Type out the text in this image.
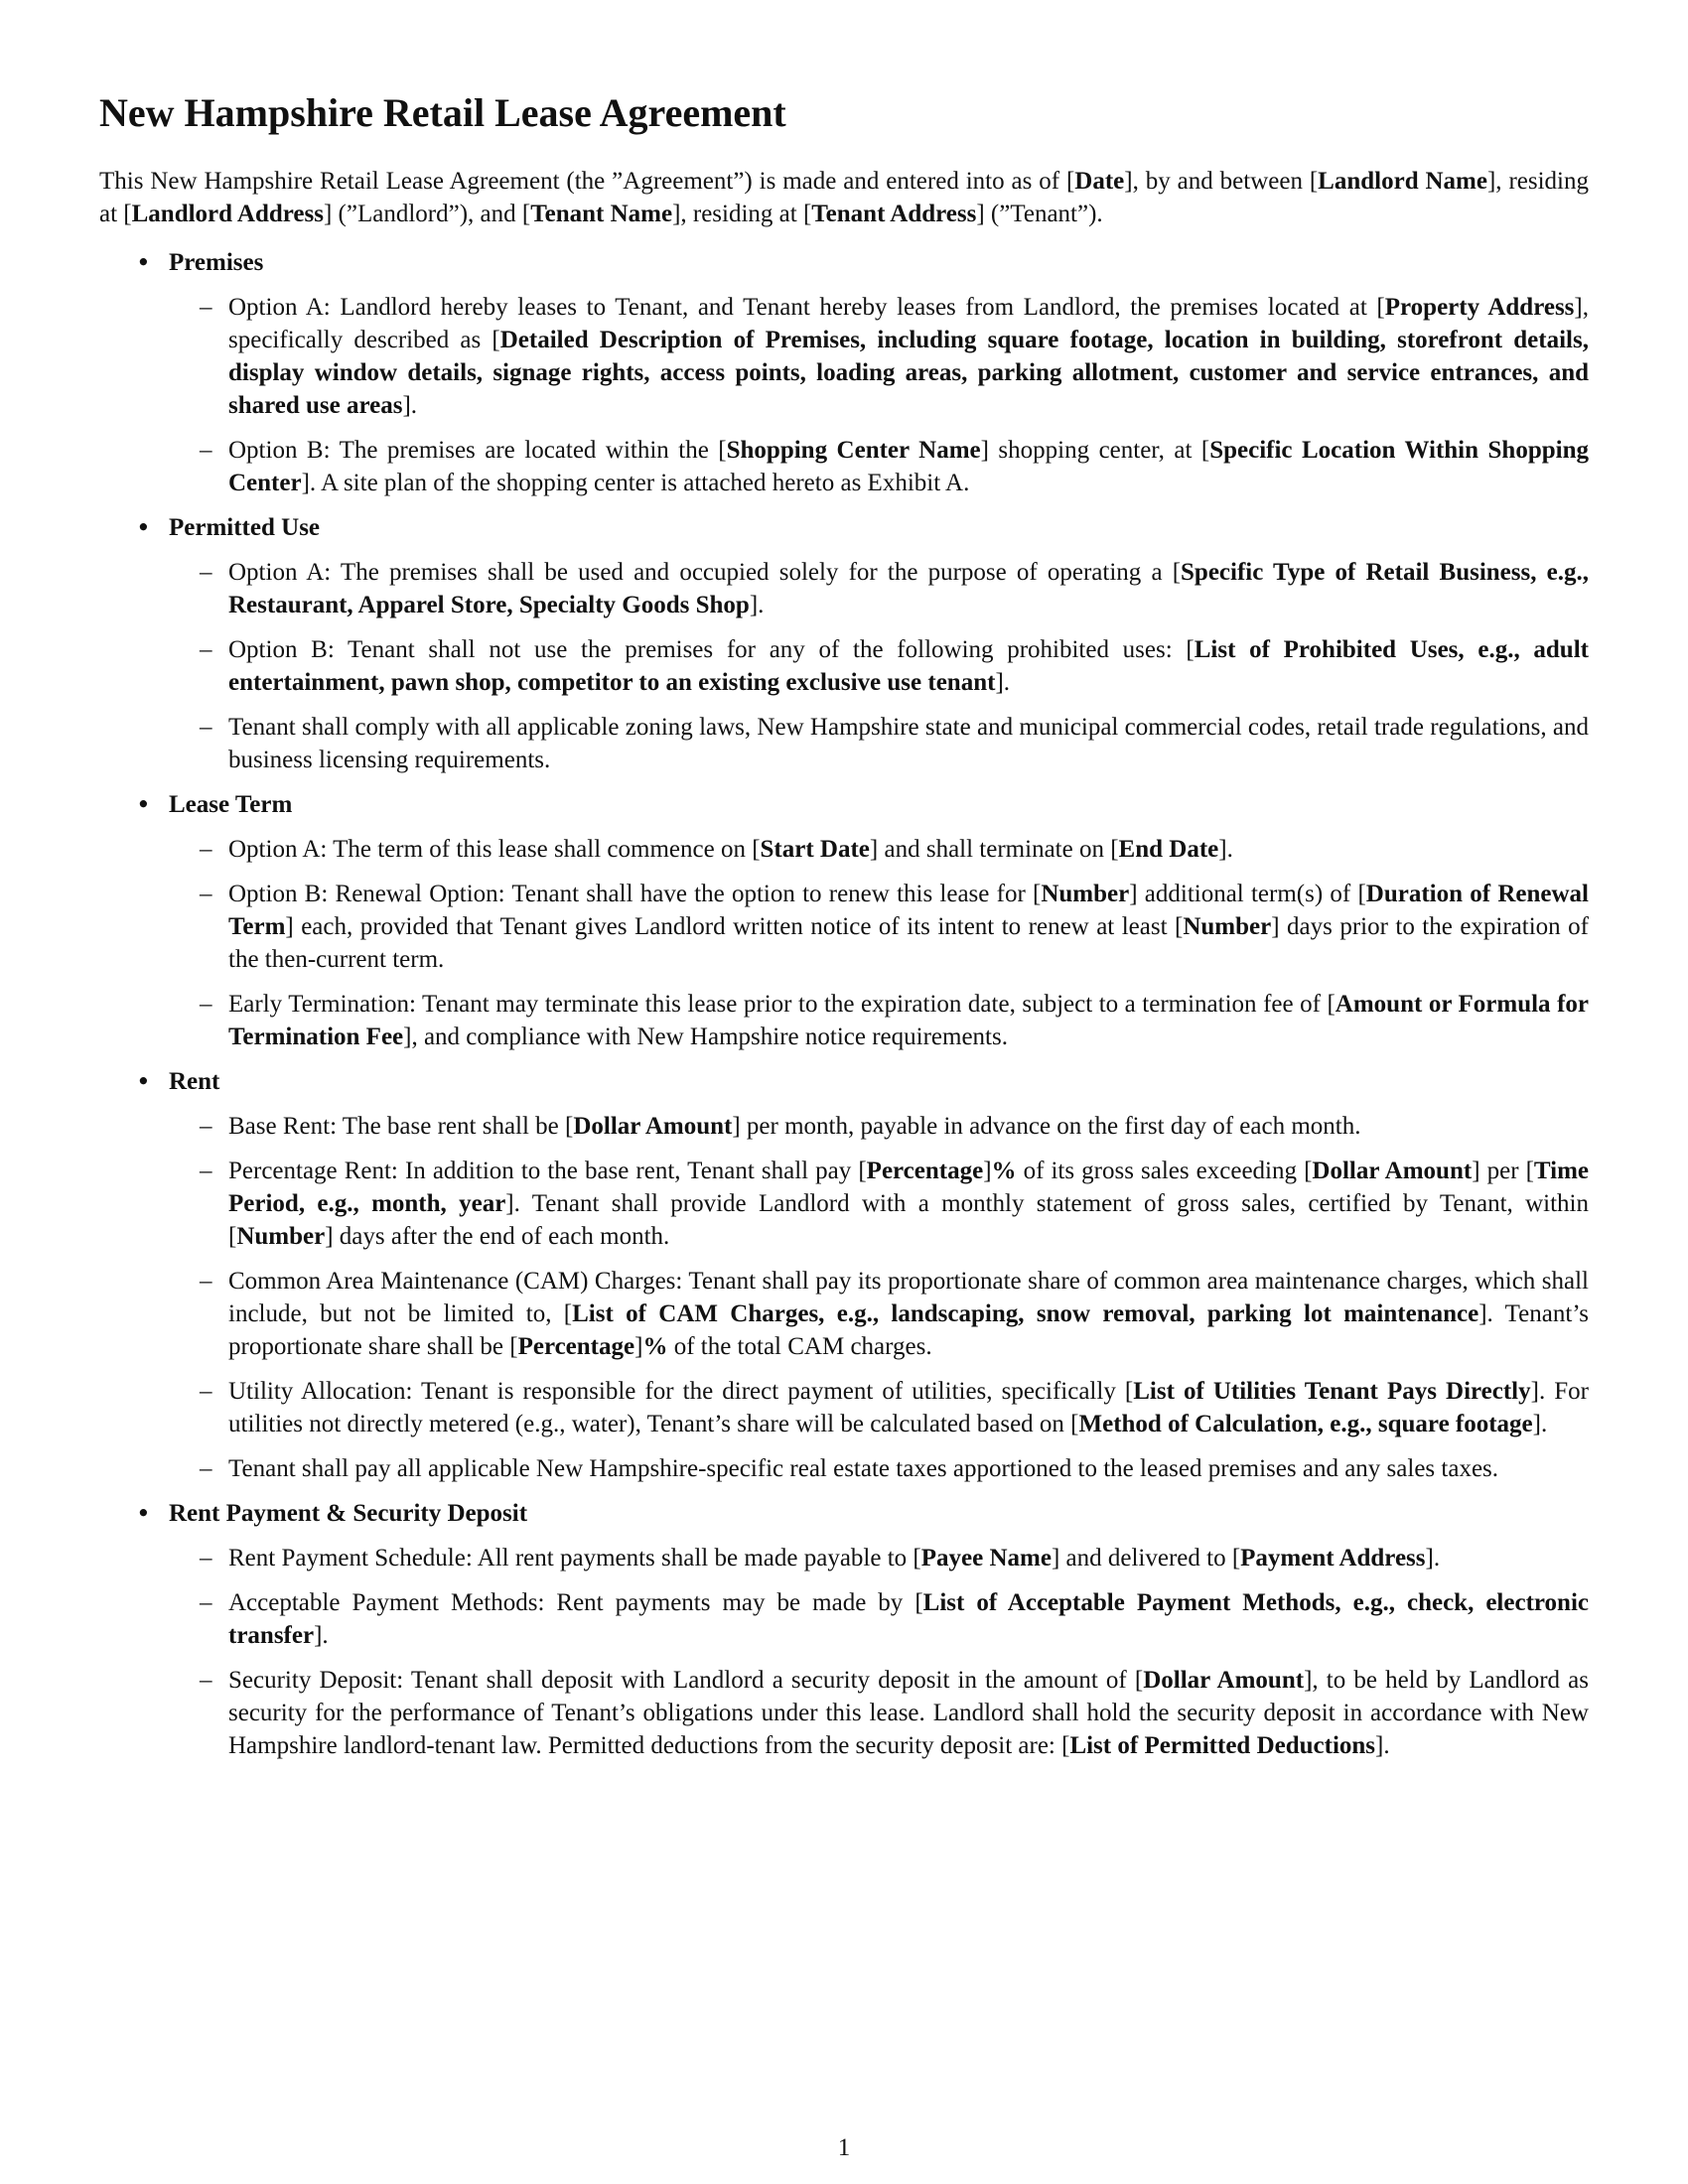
New Hampshire Retail Lease Agreement

This New Hampshire Retail Lease Agreement (the ”Agreement”) is made and entered into as of [Date], by and between [Landlord Name], residing at [Landlord Address] (”Landlord”), and [Tenant Name], residing at [Tenant Address] (”Tenant”).

• Premises
– Option A: Landlord hereby leases to Tenant, and Tenant hereby leases from Landlord, the premises located at [Property Address], specifically described as [Detailed Description of Premises, including square footage, location in building, storefront details, display window details, signage rights, access points, loading areas, parking allotment, customer and service entrances, and shared use areas].
– Option B: The premises are located within the [Shopping Center Name] shopping center, at [Specific Location Within Shopping Center]. A site plan of the shopping center is attached hereto as Exhibit A.
• Permitted Use
– Option A: The premises shall be used and occupied solely for the purpose of operating a [Specific Type of Retail Business, e.g., Restaurant, Apparel Store, Specialty Goods Shop].
– Option B: Tenant shall not use the premises for any of the following prohibited uses: [List of Prohibited Uses, e.g., adult entertainment, pawn shop, competitor to an existing exclusive use tenant].
– Tenant shall comply with all applicable zoning laws, New Hampshire state and municipal commercial codes, retail trade regulations, and business licensing requirements.
• Lease Term
– Option A: The term of this lease shall commence on [Start Date] and shall terminate on [End Date].
– Option B: Renewal Option: Tenant shall have the option to renew this lease for [Number] additional term(s) of [Duration of Renewal Term] each, provided that Tenant gives Landlord written notice of its intent to renew at least [Number] days prior to the expiration of the then-current term.
– Early Termination: Tenant may terminate this lease prior to the expiration date, subject to a termination fee of [Amount or Formula for Termination Fee], and compliance with New Hampshire notice requirements.
• Rent
– Base Rent: The base rent shall be [Dollar Amount] per month, payable in advance on the first day of each month.
– Percentage Rent: In addition to the base rent, Tenant shall pay [Percentage]% of its gross sales exceeding [Dollar Amount] per [Time Period, e.g., month, year]. Tenant shall provide Landlord with a monthly statement of gross sales, certified by Tenant, within [Number] days after the end of each month.
– Common Area Maintenance (CAM) Charges: Tenant shall pay its proportionate share of common area maintenance charges, which shall include, but not be limited to, [List of CAM Charges, e.g., landscaping, snow removal, parking lot maintenance]. Tenant’s proportionate share shall be [Percentage]% of the total CAM charges.
– Utility Allocation: Tenant is responsible for the direct payment of utilities, specifically [List of Utilities Tenant Pays Directly]. For utilities not directly metered (e.g., water), Tenant’s share will be calculated based on [Method of Calculation, e.g., square footage].
– Tenant shall pay all applicable New Hampshire-specific real estate taxes apportioned to the leased premises and any sales taxes.
• Rent Payment & Security Deposit
– Rent Payment Schedule: All rent payments shall be made payable to [Payee Name] and delivered to [Payment Address].
– Acceptable Payment Methods: Rent payments may be made by [List of Acceptable Payment Methods, e.g., check, electronic transfer].
– Security Deposit: Tenant shall deposit with Landlord a security deposit in the amount of [Dollar Amount], to be held by Landlord as security for the performance of Tenant’s obligations under this lease. Landlord shall hold the security deposit in accordance with New Hampshire landlord-tenant law. Permitted deductions from the security deposit are: [List of Permitted Deductions].
1
